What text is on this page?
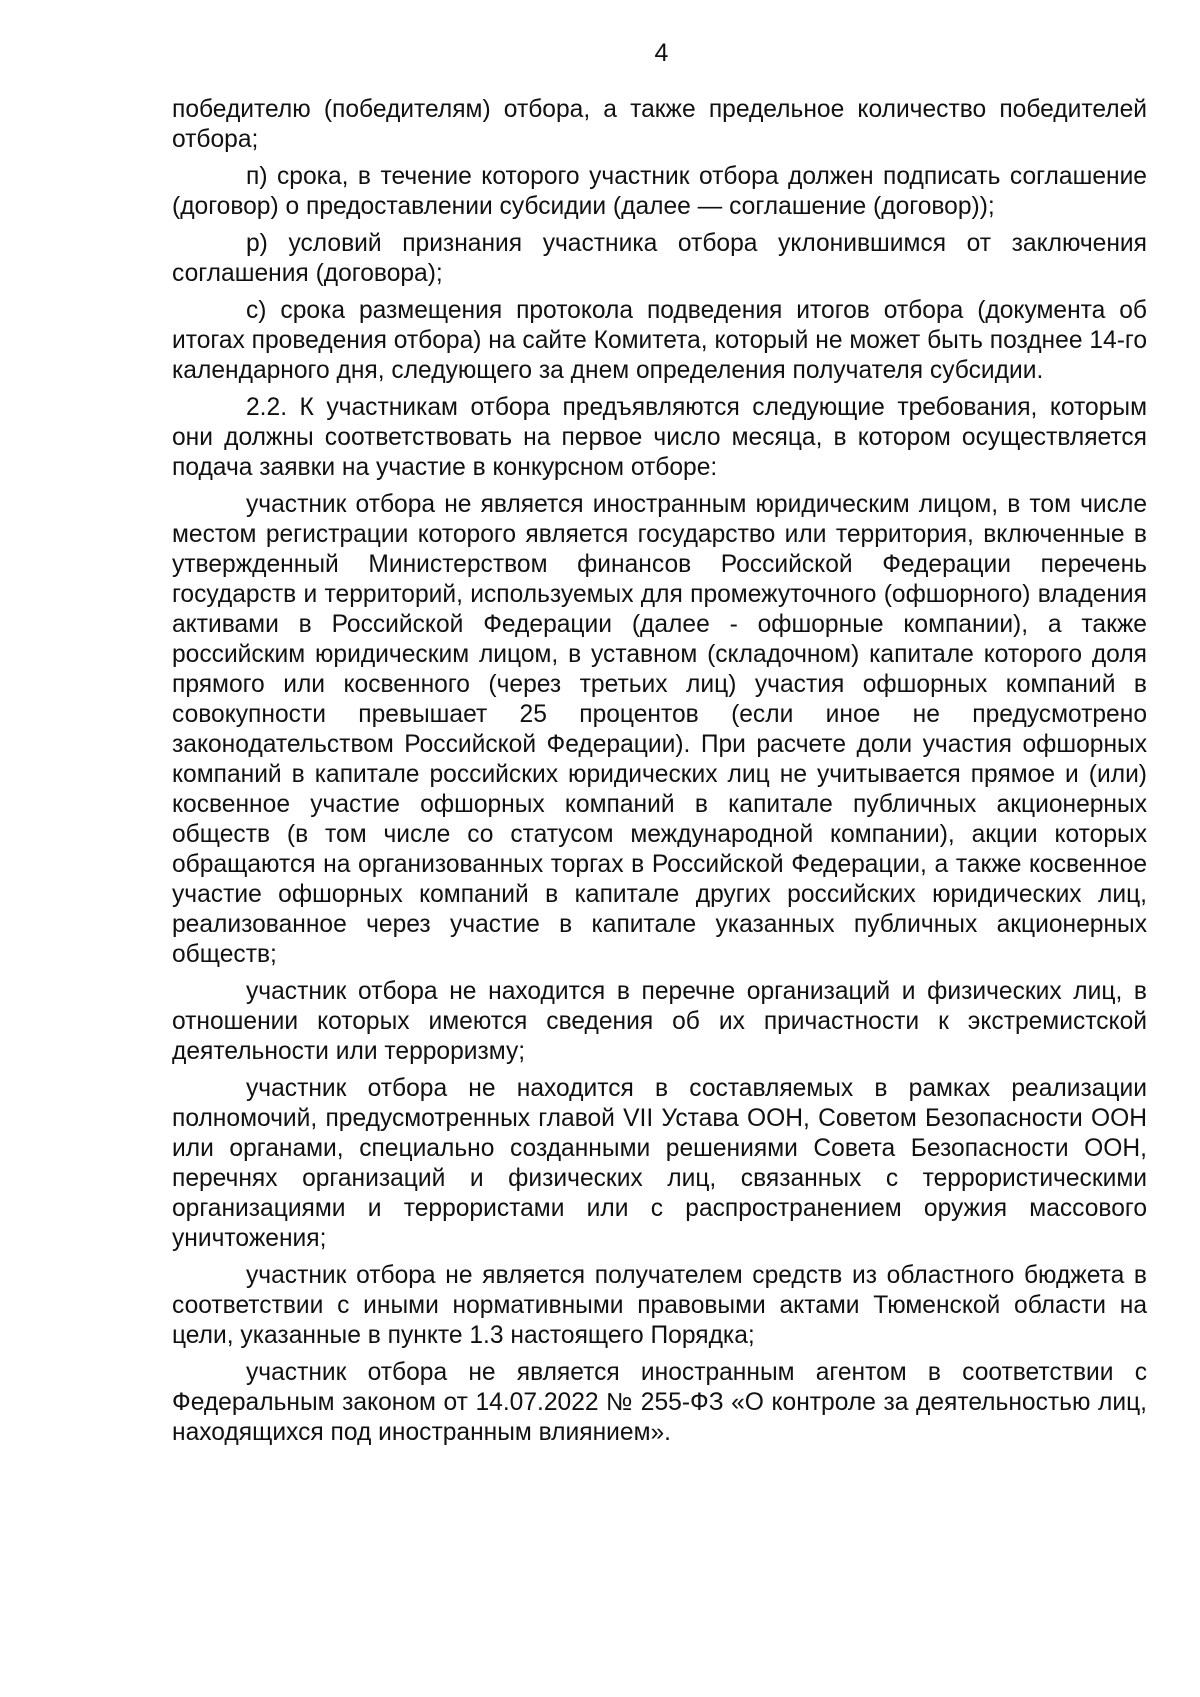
4

победителю (победителям) отбора, а также предельное количество победителей отбора;

п) срока, в течение которого участник отбора должен подписать соглашение (договор) о предоставлении субсидии (далее — соглашение (договор));

р) условий признания участника отбора уклонившимся от заключения соглашения (договора);

с) срока размещения протокола подведения итогов отбора (документа об итогах проведения отбора) на сайте Комитета, который не может быть позднее 14-го календарного дня, следующего за днем определения получателя субсидии.

2.2. К участникам отбора предъявляются следующие требования, которым они должны соответствовать на первое число месяца, в котором осуществляется подача заявки на участие в конкурсном отборе:

участник отбора не является иностранным юридическим лицом, в том числе местом регистрации которого является государство или территория, включенные в утвержденный Министерством финансов Российской Федерации перечень государств и территорий, используемых для промежуточного (офшорного) владения активами в Российской Федерации (далее - офшорные компании), а также российским юридическим лицом, в уставном (складочном) капитале которого доля прямого или косвенного (через третьих лиц) участия офшорных компаний в совокупности превышает 25 процентов (если иное не предусмотрено законодательством Российской Федерации). При расчете доли участия офшорных компаний в капитале российских юридических лиц не учитывается прямое и (или) косвенное участие офшорных компаний в капитале публичных акционерных обществ (в том числе со статусом международной компании), акции которых обращаются на организованных торгах в Российской Федерации, а также косвенное участие офшорных компаний в капитале других российских юридических лиц, реализованное через участие в капитале указанных публичных акционерных обществ;

участник отбора не находится в перечне организаций и физических лиц, в отношении которых имеются сведения об их причастности к экстремистской деятельности или терроризму;

участник отбора не находится в составляемых в рамках реализации полномочий, предусмотренных главой VII Устава ООН, Советом Безопасности ООН или органами, специально созданными решениями Совета Безопасности ООН, перечнях организаций и физических лиц, связанных с террористическими организациями и террористами или с распространением оружия массового уничтожения;

участник отбора не является получателем средств из областного бюджета в соответствии с иными нормативными правовыми актами Тюменской области на цели, указанные в пункте 1.3 настоящего Порядка;

участник отбора не является иностранным агентом в соответствии с Федеральным законом от 14.07.2022 № 255-ФЗ «О контроле за деятельностью лиц, находящихся под иностранным влиянием».
